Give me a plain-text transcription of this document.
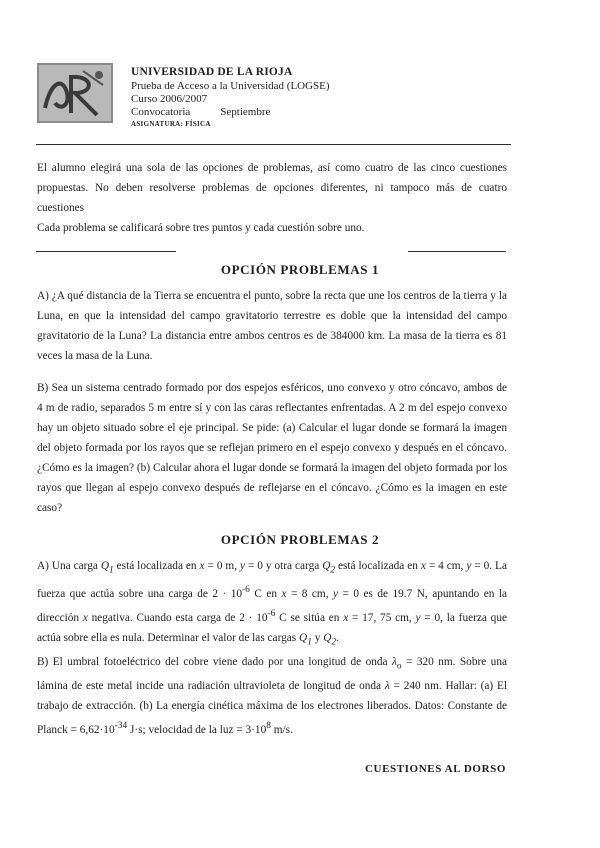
UNIVERSIDAD DE LA RIOJA
Prueba de Acceso a la Universidad (LOGSE)
Curso 2006/2007
Convocatoria	Septiembre
ASIGNATURA: FÍSICA

El alumno elegirá una sola de las opciones de problemas, así como cuatro de las cinco cuestiones propuestas. No deben resolverse problemas de opciones diferentes, ni tampoco más de cuatro cuestiones

Cada problema se calificará sobre tres puntos y cada cuestión sobre uno.

OPCIÓN PROBLEMAS 1

A) ¿A qué distancia de la Tierra se encuentra el punto, sobre la recta que une los centros de la tierra y la Luna, en que la intensidad del campo gravitatorio terrestre es doble que la intensidad del campo gravitatorio de la Luna? La distancia entre ambos centros es de 384000 km. La masa de la tierra es 81 veces la masa de la Luna.

B) Sea un sistema centrado formado por dos espejos esféricos, uno convexo y otro cóncavo, ambos de 4 m de radio, separados 5 m entre sí y con las caras reflectantes enfrentadas. A 2 m del espejo convexo hay un objeto situado sobre el eje principal. Se pide: (a) Calcular el lugar donde se formará la imagen del objeto formada por los rayos que se reflejan primero en el espejo convexo y después en el cóncavo. ¿Cómo es la imagen? (b) Calcular ahora el lugar donde se formará la imagen del objeto formada por los rayos que llegan al espejo convexo después de reflejarse en el cóncavo. ¿Cómo es la imagen en este caso?

OPCIÓN PROBLEMAS 2

A) Una carga $Q_1$ está localizada en x = 0 m, y = 0 y otra carga $Q_2$ está localizada en x = 4 cm, y = 0. La fuerza que actúa sobre una carga de $2 \cdot 10^{-6}$ C en x = 8 cm, y = 0 es de 19.7 N, apuntando en la dirección x negativa. Cuando esta carga de $2 \cdot 10^{-6}$ C se sitúa en x = 17, 75 cm, y = 0, la fuerza que actúa sobre ella es nula. Determinar el valor de las cargas $Q_1$ y $Q_2$.

B) El umbral fotoeléctrico del cobre viene dado por una longitud de onda $\lambda_o = 320$ nm. Sobre una lámina de este metal incide una radiación ultravioleta de longitud de onda λ = 240 nm. Hallar: (a) El trabajo de extracción. (b) La energía cinética máxima de los electrones liberados. Datos: Constante de Planck = $6,62\cdot 10^{-34}$ J·s; velocidad de la luz = $3\cdot 10^8$ m/s.

CUESTIONES AL DORSO
